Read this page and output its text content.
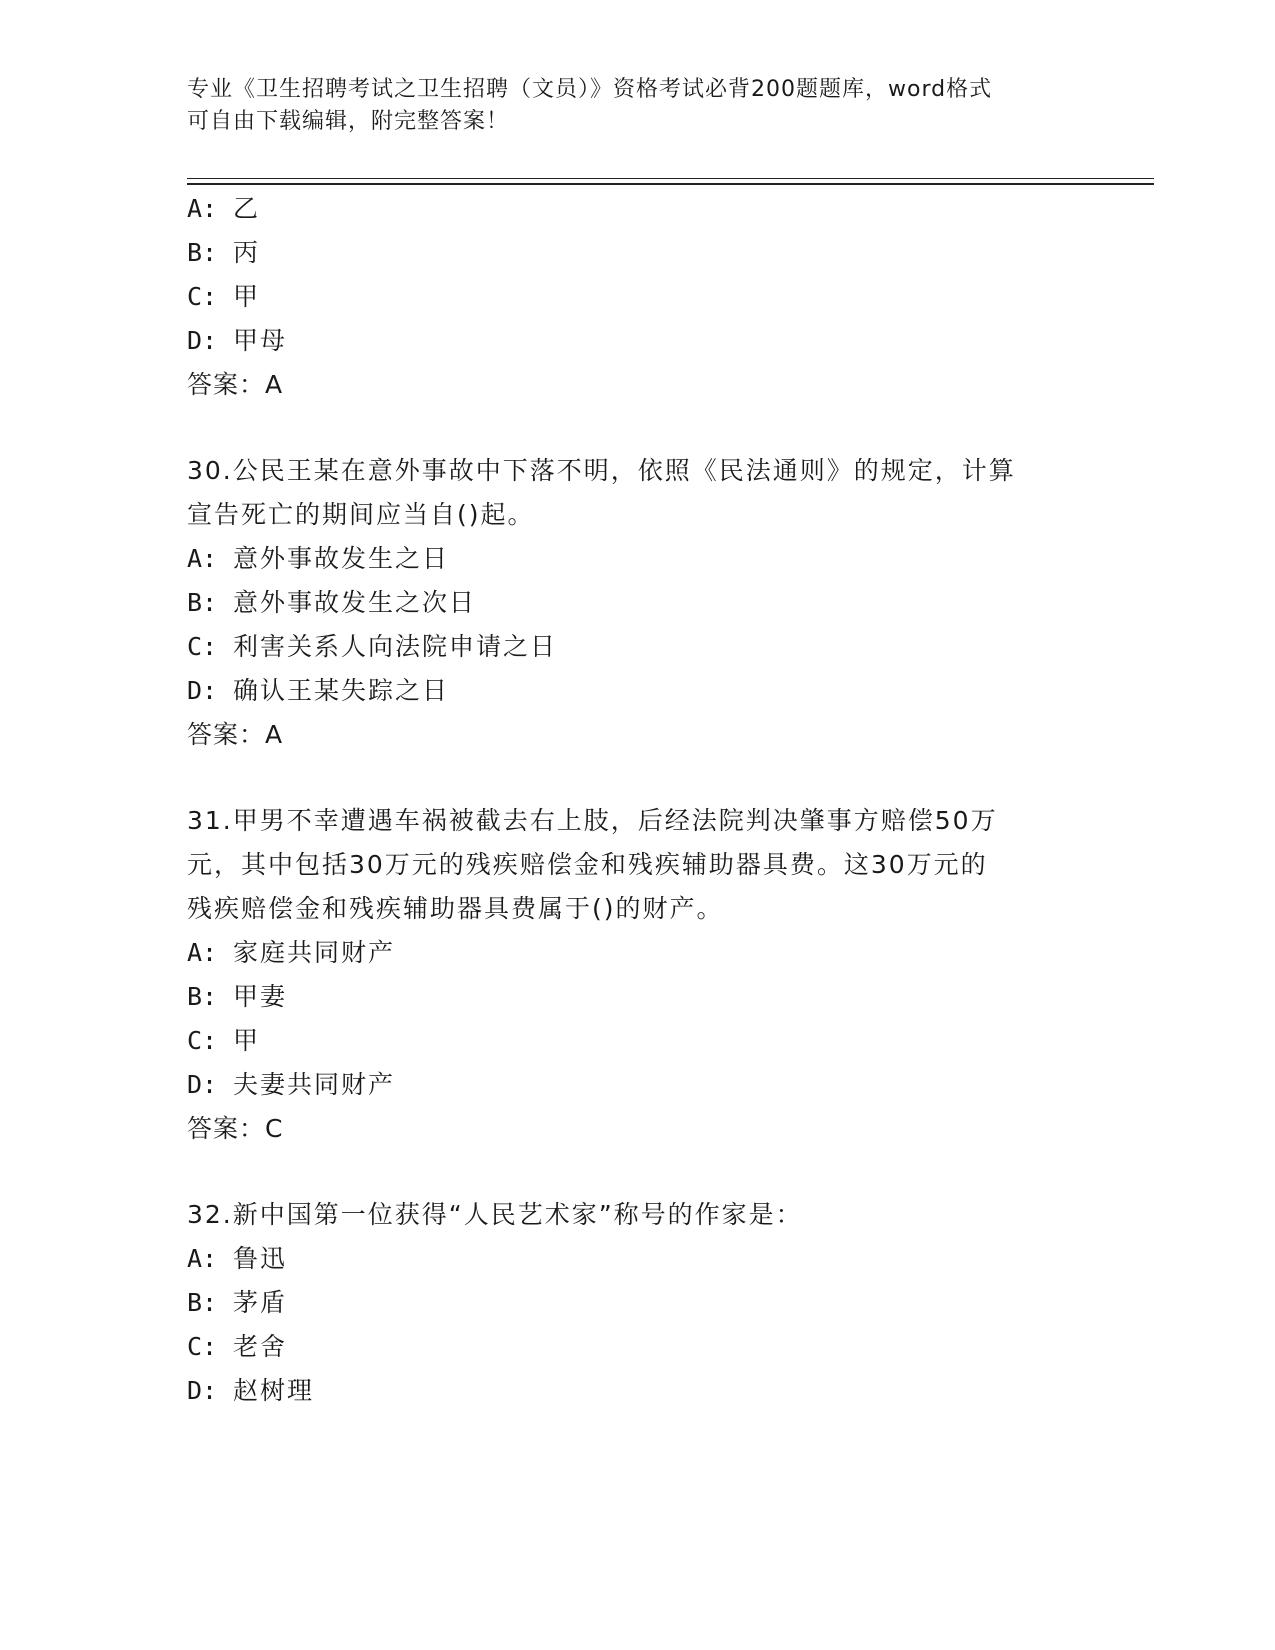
专业《卫生招聘考试之卫生招聘（文员）》资格考试必背200题题库，word格式
可自由下载编辑，附完整答案！
A: 乙
B: 丙
C: 甲
D: 甲母
答案：A
30.公民王某在意外事故中下落不明，依照《民法通则》的规定，计算
宣告死亡的期间应当自()起。
A: 意外事故发生之日
B: 意外事故发生之次日
C: 利害关系人向法院申请之日
D: 确认王某失踪之日
答案：A
31.甲男不幸遭遇车祸被截去右上肢，后经法院判决肇事方赔偿50万
元，其中包括30万元的残疾赔偿金和残疾辅助器具费。这30万元的
残疾赔偿金和残疾辅助器具费属于()的财产。
A: 家庭共同财产
B: 甲妻
C: 甲
D: 夫妻共同财产
答案：C
32.新中国第一位获得“人民艺术家”称号的作家是：
A: 鲁迅
B: 茅盾
C: 老舍
D: 赵树理
